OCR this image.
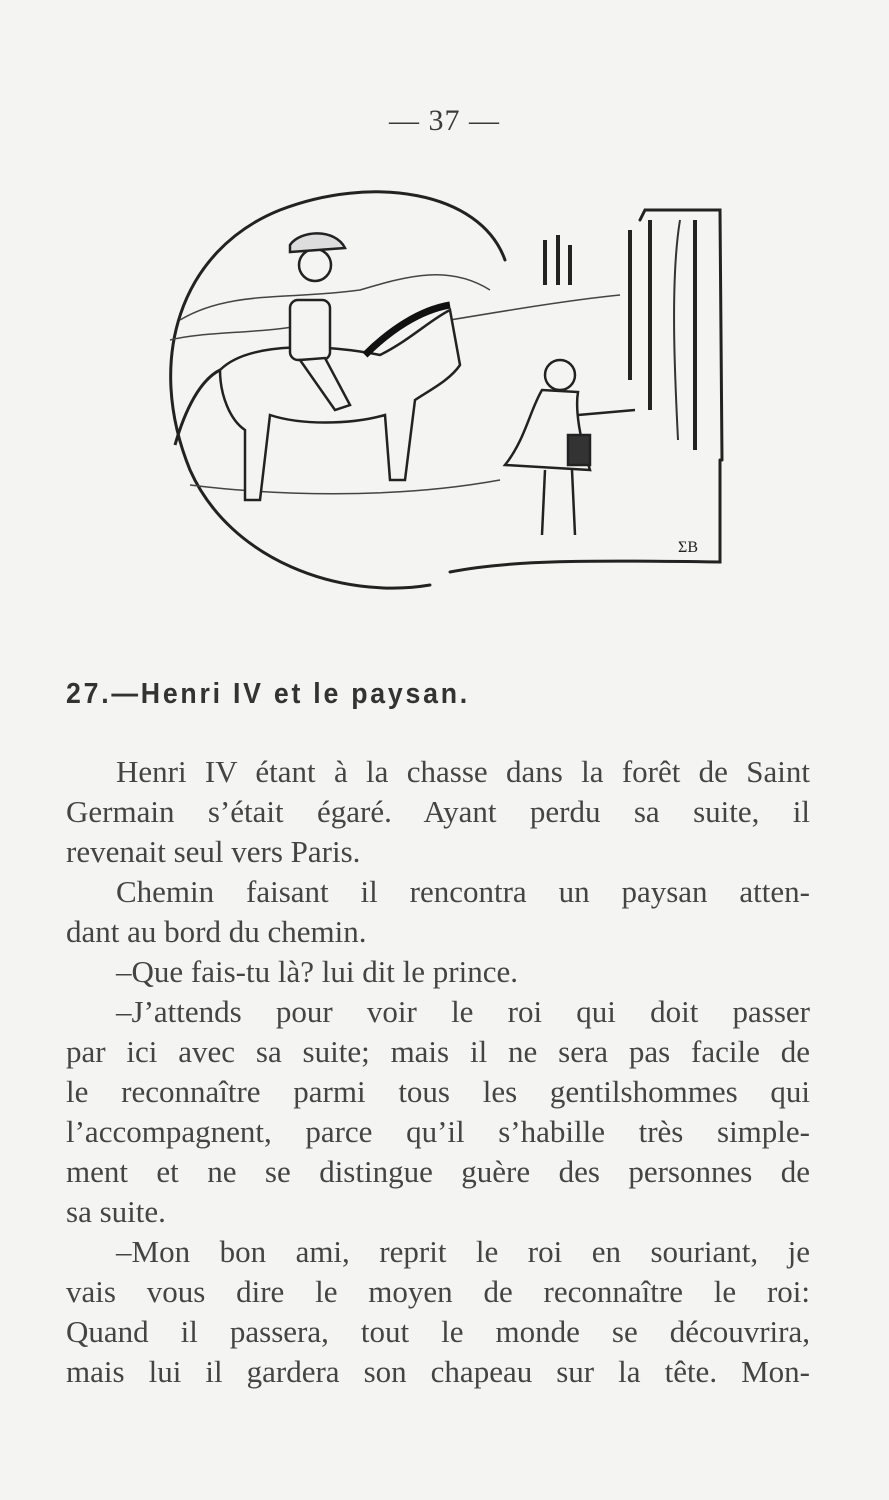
— 37 —
ΣB
27.—Henri IV et le paysan.
Henri IV étant à la chasse dans la forêt de Saint
Germain s’était égaré. Ayant perdu sa suite, il
revenait seul vers Paris.
Chemin faisant il rencontra un paysan atten-
dant au bord du chemin.
–Que fais-tu là? lui dit le prince.
–J’attends pour voir le roi qui doit passer
par ici avec sa suite; mais il ne sera pas facile de
le reconnaître parmi tous les gentilshommes qui
l’accompagnent, parce qu’il s’habille très simple-
ment et ne se distingue guère des personnes de
sa suite.
–Mon bon ami, reprit le roi en souriant, je
vais vous dire le moyen de reconnaître le roi:
Quand il passera, tout le monde se découvrira,
mais lui il gardera son chapeau sur la tête. Mon-
